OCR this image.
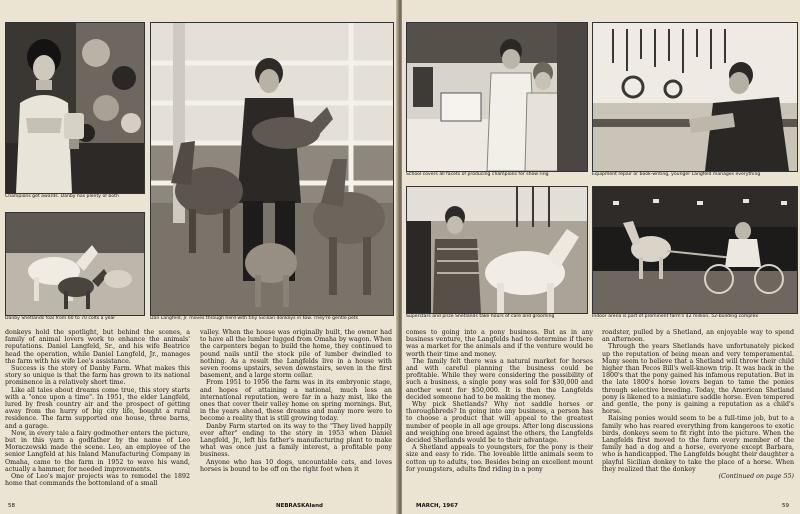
Champions get awards. Danby has plenty of both

Danby Shetlands foal from 60 to 70 colts a year	Dan Langfeld, Jr. moves through herd with tiny Sicilian donkeys in tow. They're gentle pets

donkeys hold the spotlight, but behind the scenes, a family of animal lovers work to enhance the animals' reputations. Daniel Langfeld, Sr., and his wife Beatrice head the operation, while Daniel Langfeld, Jr., manages the farm with his wife Lee's assistance.

Success is the story of Danby Farm. What makes this story so unique is that the farm has grown to its national prominence in a relatively short time.

Like all tales about dreams come true, this story starts with a "once upon a time". In 1951, the elder Langfeld, lured by fresh country air and the prospect of getting away from the hurry of big city life, bought a rural residence. The farm supported one house, three barns, and a garage.

Now, in every tale a fairy godmother enters the picture, but in this yarn a godfather by the name of Leo Moraczewski made the scene. Leo, an employee of the senior Langfeld at his Inland Manufacturing Company in Omaha, came to the farm in 1952 to wave his wand, actually a hammer, for needed improvements.

One of Leo's major projects was to remodel the 1892 home that commands the bottomland of a small

valley. When the house was originally built, the owner had to have all the lumber lugged from Omaha by wagon. When the carpenters began to build the home, they continued to pound nails until the stock pile of lumber dwindled to nothing. As a result the Langfelds live in a house with seven rooms upstairs, seven downstairs, seven in the first basement, and a large storm cellar.

From 1951 to 1956 the farm was in its embryonic stage, and hopes of attaining a national, much less an international reputation, were far in a hazy mist, like the ones that cover their valley home on spring mornings. But, in the years ahead, these dreams and many more were to become a reality that is still growing today.

Danby Farm started on its way to the "They lived happily ever after" ending to the story in 1953 when Daniel Langfeld, Jr., left his father's manufacturing plant to make what was once just a family interest, a profitable pony business.

Anyone who has 10 dogs, uncountable cats, and loves horses is bound to be off on the right foot when it

58	NEBRASKAland

School covers all facets of producing champions for show ring	Equipment repair or book-writing, younger Langfeld manages everything

Superstars and prize Shetlands take hours of care and grooming	Indoor arena is part of prominent farm's $2 million, 52-building complex

comes to going into a pony business. But as in any business venture, the Langfelds had to determine if there was a market for the animals and if the venture would be worth their time and money.

The family felt there was a natural market for horses and with careful planning the business could be profitable. While they were considering the possibility of such a business, a single pony was sold for $30,000 and another went for $50,000. It is then the Langfelds decided someone had to be making the money.

Why pick Shetlands? Why not saddle horses or thoroughbreds? In going into any business, a person has to choose a product that will appeal to the greatest number of people in all age groups. After long discussions and weighing one breed against the others, the Langfelds decided Shetlands would be to their advantage.

A Shetland appeals to youngsters, for the pony is their size and easy to ride. The loveable little animals seem to cotton up to adults, too. Besides being an excellent mount for youngsters, adults find riding in a pony

roadster, pulled by a Shetland, an enjoyable way to spend an afternoon.

Through the years Shetlands have unfortunately picked up the reputation of being mean and very temperamental. Many seem to believe that a Shetland will throw their child higher than Pecos Bill's well-known trip. It was back in the 1800's that the pony gained his infamous reputation. But in the late 1800's horse lovers began to tame the ponies through selective breeding. Today, the American Shetland pony is likened to a miniature saddle horse. Even tempered and gentle, the pony is gaining a reputation as a child's horse.

Raising ponies would seem to be a full-time job, but to a family who has reared everything from kangeroos to exotic birds, donkeys seem to fit right into the picture. When the Langfelds first moved to the farm every member of the family had a dog and a horse, everyone except Barbara, who is handicapped. The Langfelds bought their daughter a playful Sicilian donkey to take the place of a horse. When they realized that the donkey

(Continued on page 55)

MARCH, 1967	59
